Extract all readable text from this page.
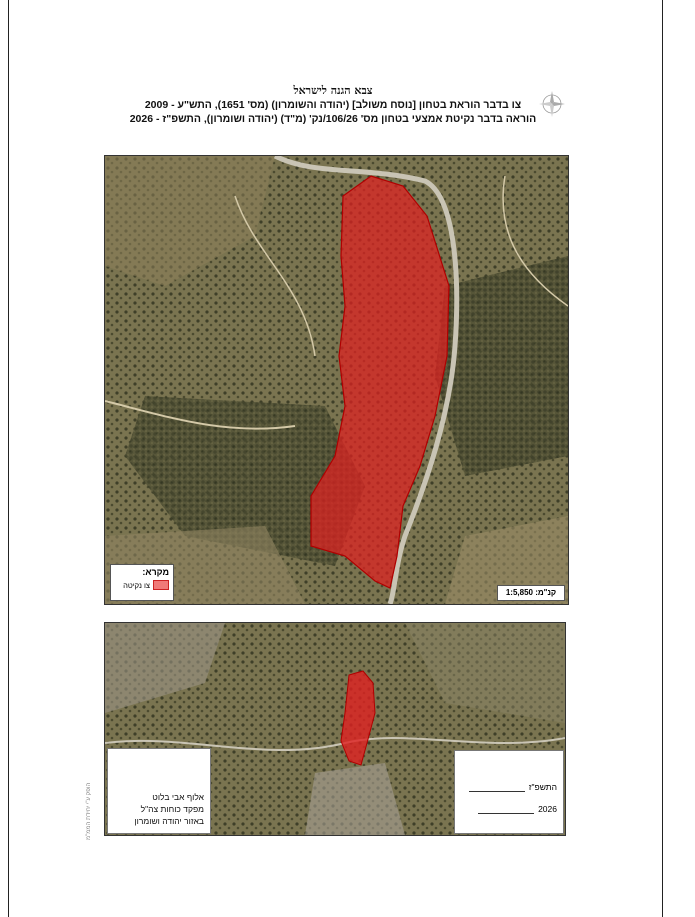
צבא הגנה לישראל
צו בדבר הוראת בטחון [נוסח משולב] (יהודה והשומרון) (מס' 1651), התש"ע - 2009
הוראה בדבר נקיטת אמצעי בטחון מס' 106/26/נק' (מ"ד) (יהודה ושומרון), התשפ"ז - 2026
מקרא:
צו נקיטה
קנ"מ: 1:5,850
אלוף אבי בלוט
מפקד כוחות צה"ל
באזור יהודה ושומרון
התשפ"ז
2026
הופק ע"י יחידת הממ"מ
